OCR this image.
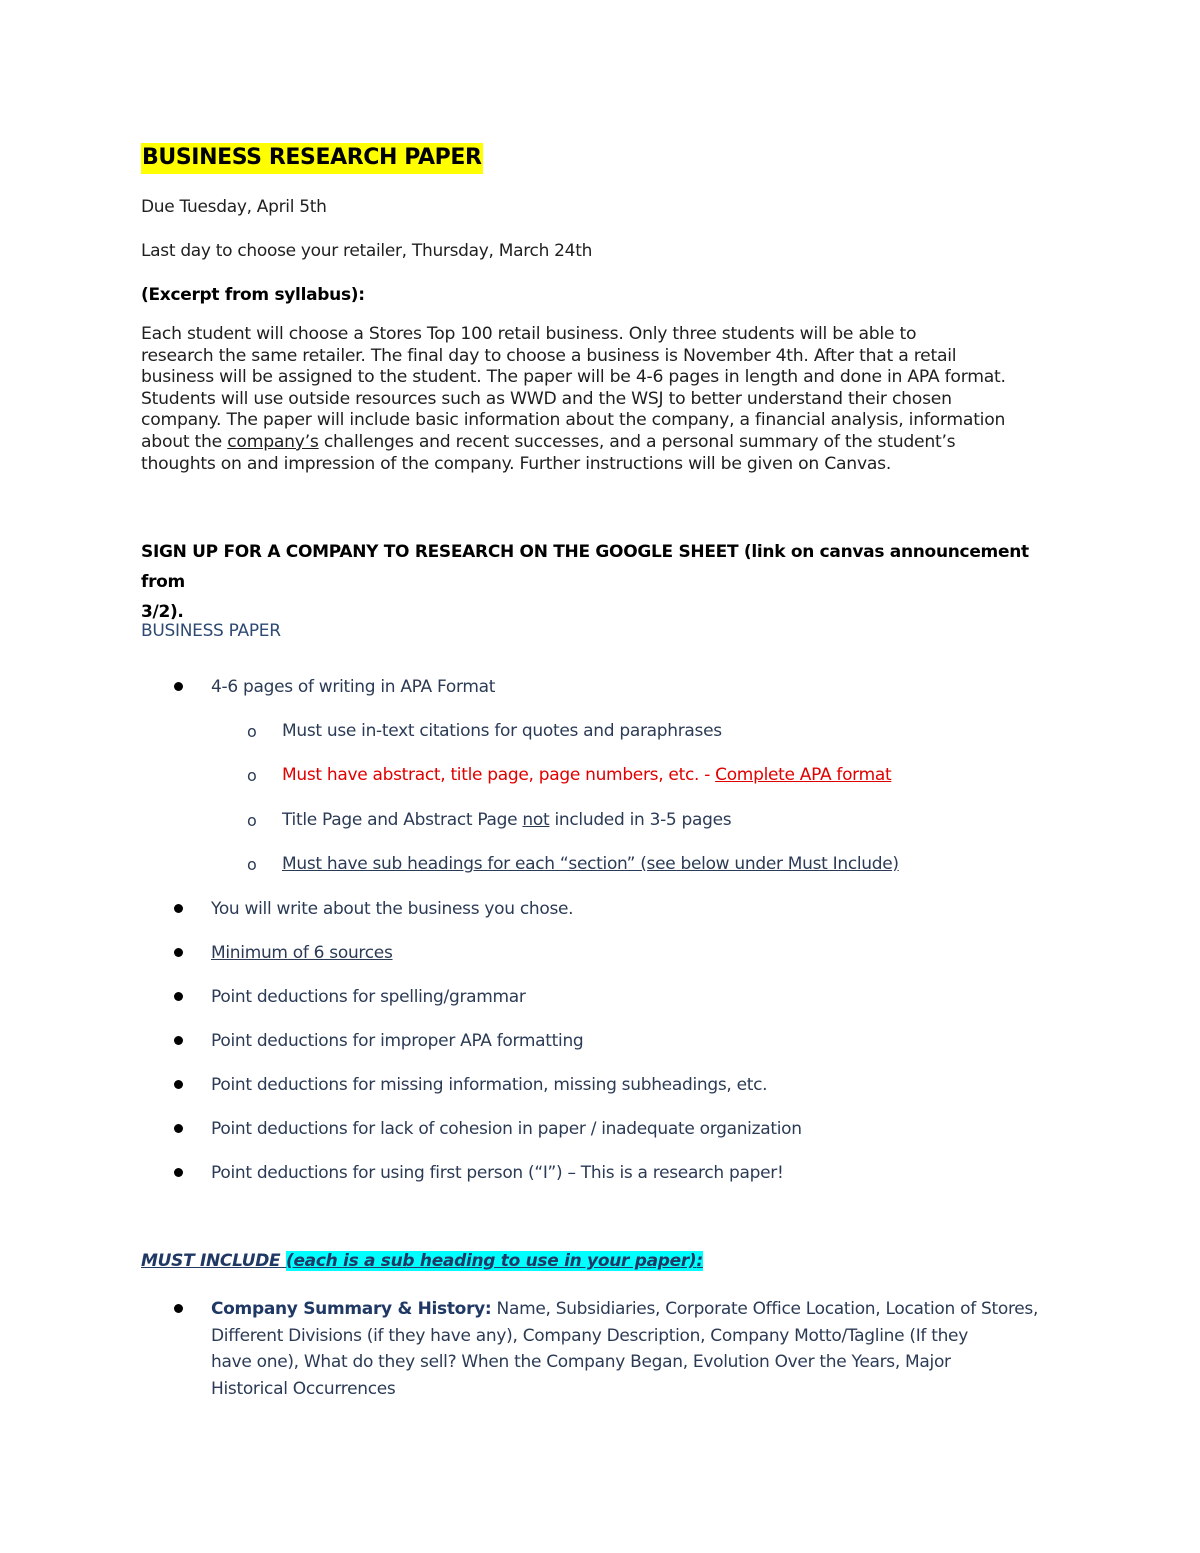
BUSINESS RESEARCH PAPER
Due Tuesday, April 5th
Last day to choose your retailer, Thursday, March 24th
(Excerpt from syllabus):
Each student will choose a Stores Top 100 retail business. Only three students will be able to
research the same retailer. The final day to choose a business is November 4th. After that a retail
business will be assigned to the student. The paper will be 4-6 pages in length and done in APA format.
Students will use outside resources such as WWD and the WSJ to better understand their chosen
company. The paper will include basic information about the company, a financial analysis, information
about the company’s challenges and recent successes, and a personal summary of the student’s
thoughts on and impression of the company. Further instructions will be given on Canvas.
SIGN UP FOR A COMPANY TO RESEARCH ON THE GOOGLE SHEET (link on canvas announcement from
3/2).
BUSINESS PAPER
4-6 pages of writing in APA Format
o Must use in-text citations for quotes and paraphrases
o Must have abstract, title page, page numbers, etc. - Complete APA format
o Title Page and Abstract Page not included in 3-5 pages
o Must have sub headings for each “section” (see below under Must Include)
You will write about the business you chose.
Minimum of 6 sources
Point deductions for spelling/grammar
Point deductions for improper APA formatting
Point deductions for missing information, missing subheadings, etc.
Point deductions for lack of cohesion in paper / inadequate organization
Point deductions for using first person (“I”) – This is a research paper!
MUST INCLUDE (each is a sub heading to use in your paper):
Company Summary & History: Name, Subsidiaries, Corporate Office Location, Location of Stores,
Different Divisions (if they have any), Company Description, Company Motto/Tagline (If they
have one), What do they sell? When the Company Began, Evolution Over the Years, Major
Historical Occurrences
